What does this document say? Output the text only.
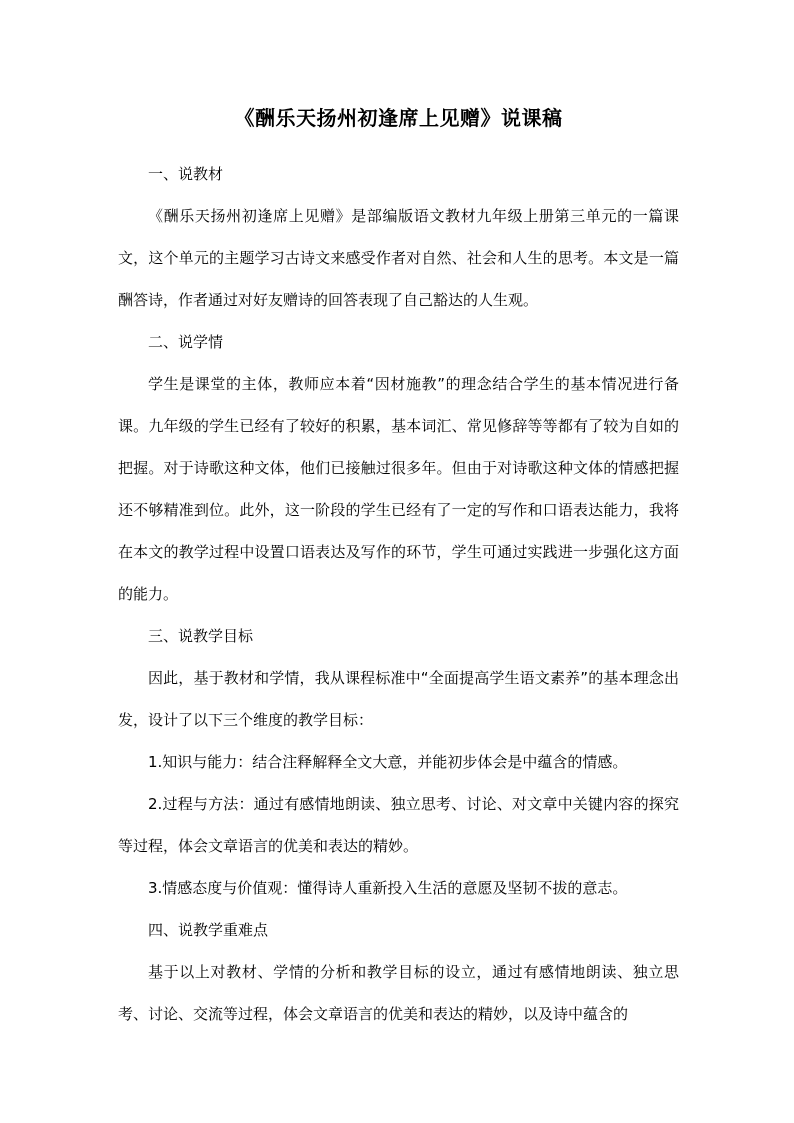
《酬乐天扬州初逢席上见赠》说课稿

一、说教材

《酬乐天扬州初逢席上见赠》是部编版语文教材九年级上册第三单元的一篇课文，这个单元的主题学习古诗文来感受作者对自然、社会和人生的思考。本文是一篇酬答诗，作者通过对好友赠诗的回答表现了自己豁达的人生观。

二、说学情

学生是课堂的主体，教师应本着“因材施教”的理念结合学生的基本情况进行备课。九年级的学生已经有了较好的积累，基本词汇、常见修辞等等都有了较为自如的把握。对于诗歌这种文体，他们已接触过很多年。但由于对诗歌这种文体的情感把握还不够精准到位。此外，这一阶段的学生已经有了一定的写作和口语表达能力，我将在本文的教学过程中设置口语表达及写作的环节，学生可通过实践进一步强化这方面的能力。

三、说教学目标

因此，基于教材和学情，我从课程标准中“全面提高学生语文素养”的基本理念出发，设计了以下三个维度的教学目标：

1.知识与能力：结合注释解释全文大意，并能初步体会是中蕴含的情感。

2.过程与方法：通过有感情地朗读、独立思考、讨论、对文章中关键内容的探究等过程，体会文章语言的优美和表达的精妙。

3.情感态度与价值观：懂得诗人重新投入生活的意愿及坚韧不拔的意志。

四、说教学重难点

基于以上对教材、学情的分析和教学目标的设立，通过有感情地朗读、独立思考、讨论、交流等过程，体会文章语言的优美和表达的精妙，以及诗中蕴含的
